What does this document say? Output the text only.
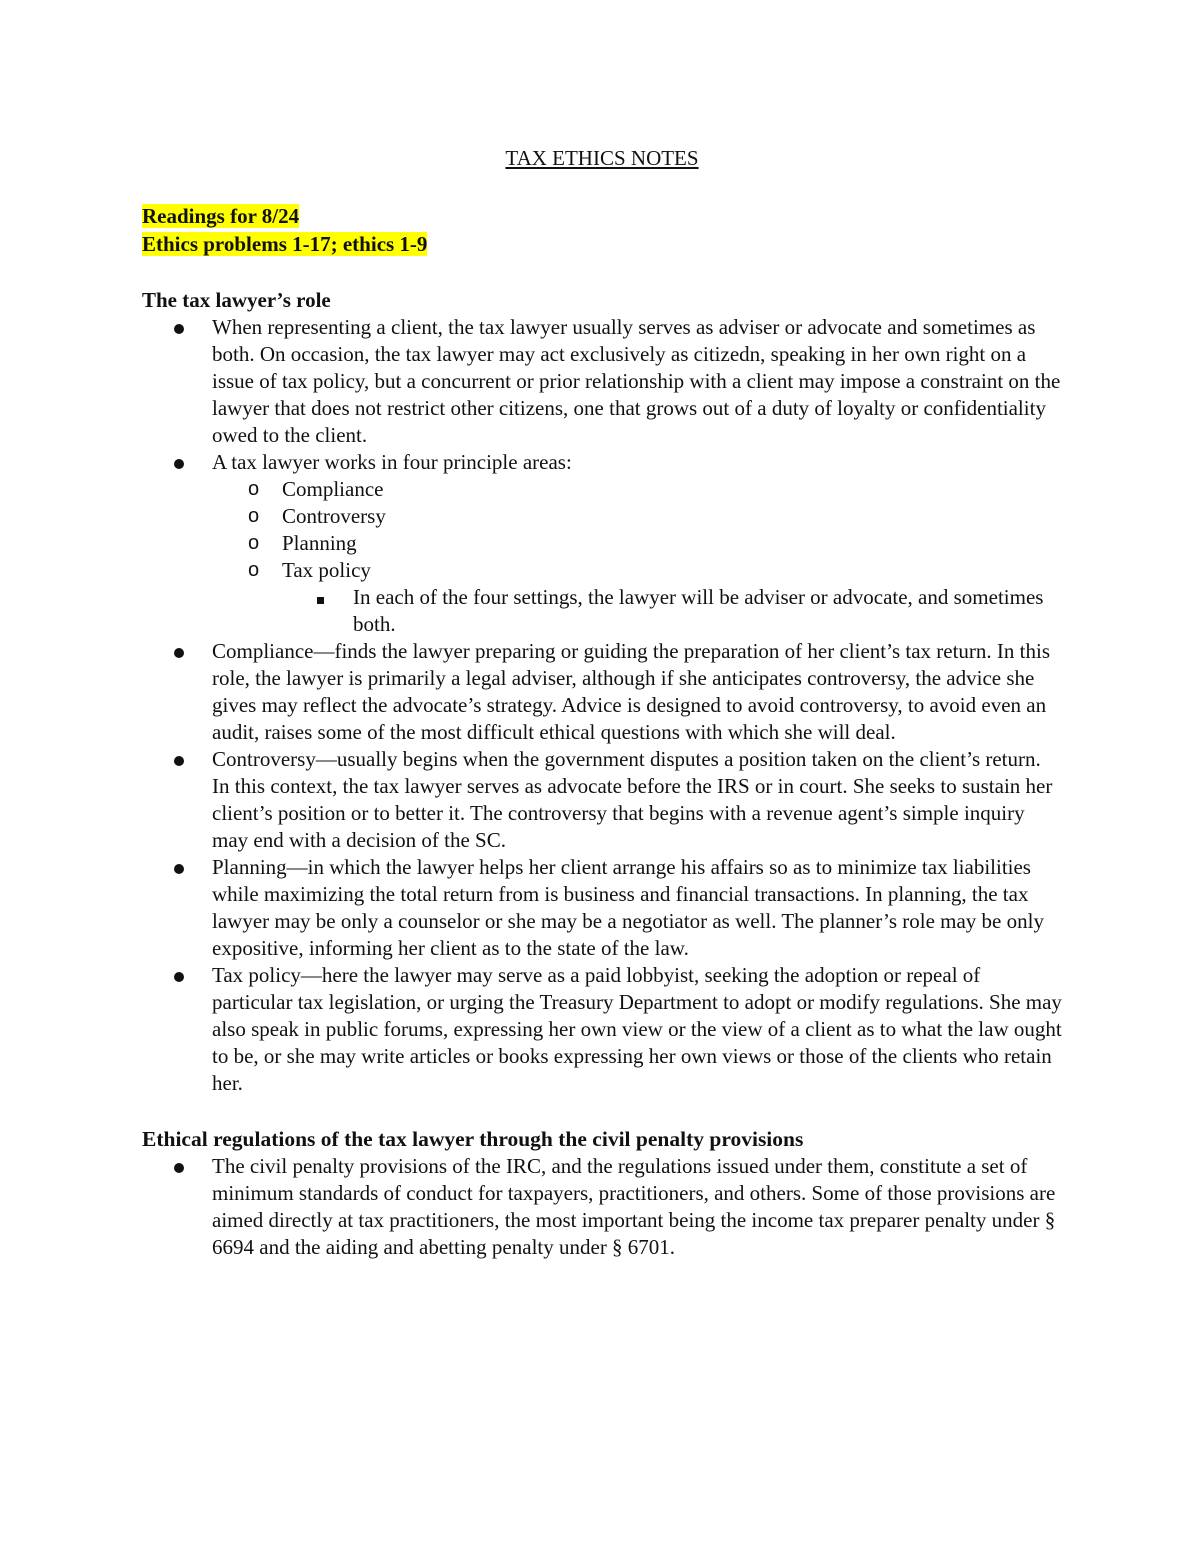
TAX ETHICS NOTES

Readings for 8/24

Ethics problems 1-17; ethics 1-9

The tax lawyer’s role

When representing a client, the tax lawyer usually serves as adviser or advocate and sometimes as both. On occasion, the tax lawyer may act exclusively as citizedn, speaking in her own right on a issue of tax policy, but a concurrent or prior relationship with a client may impose a constraint on the lawyer that does not restrict other citizens, one that grows out of a duty of loyalty or confidentiality owed to the client.
A tax lawyer works in four principle areas:
o Compliance
o Controversy
o Planning
o Tax policy
In each of the four settings, the lawyer will be adviser or advocate, and sometimes both.
Compliance—finds the lawyer preparing or guiding the preparation of her client’s tax return. In this role, the lawyer is primarily a legal adviser, although if she anticipates controversy, the advice she gives may reflect the advocate’s strategy. Advice is designed to avoid controversy, to avoid even an audit, raises some of the most difficult ethical questions with which she will deal.
Controversy—usually begins when the government disputes a position taken on the client’s return. In this context, the tax lawyer serves as advocate before the IRS or in court. She seeks to sustain her client’s position or to better it. The controversy that begins with a revenue agent’s simple inquiry may end with a decision of the SC.
Planning—in which the lawyer helps her client arrange his affairs so as to minimize tax liabilities while maximizing the total return from is business and financial transactions. In planning, the tax lawyer may be only a counselor or she may be a negotiator as well. The planner’s role may be only expositive, informing her client as to the state of the law.
Tax policy—here the lawyer may serve as a paid lobbyist, seeking the adoption or repeal of particular tax legislation, or urging the Treasury Department to adopt or modify regulations. She may also speak in public forums, expressing her own view or the view of a client as to what the law ought to be, or she may write articles or books expressing her own views or those of the clients who retain her.

Ethical regulations of the tax lawyer through the civil penalty provisions

The civil penalty provisions of the IRC, and the regulations issued under them, constitute a set of minimum standards of conduct for taxpayers, practitioners, and others. Some of those provisions are aimed directly at tax practitioners, the most important being the income tax preparer penalty under § 6694 and the aiding and abetting penalty under § 6701.
